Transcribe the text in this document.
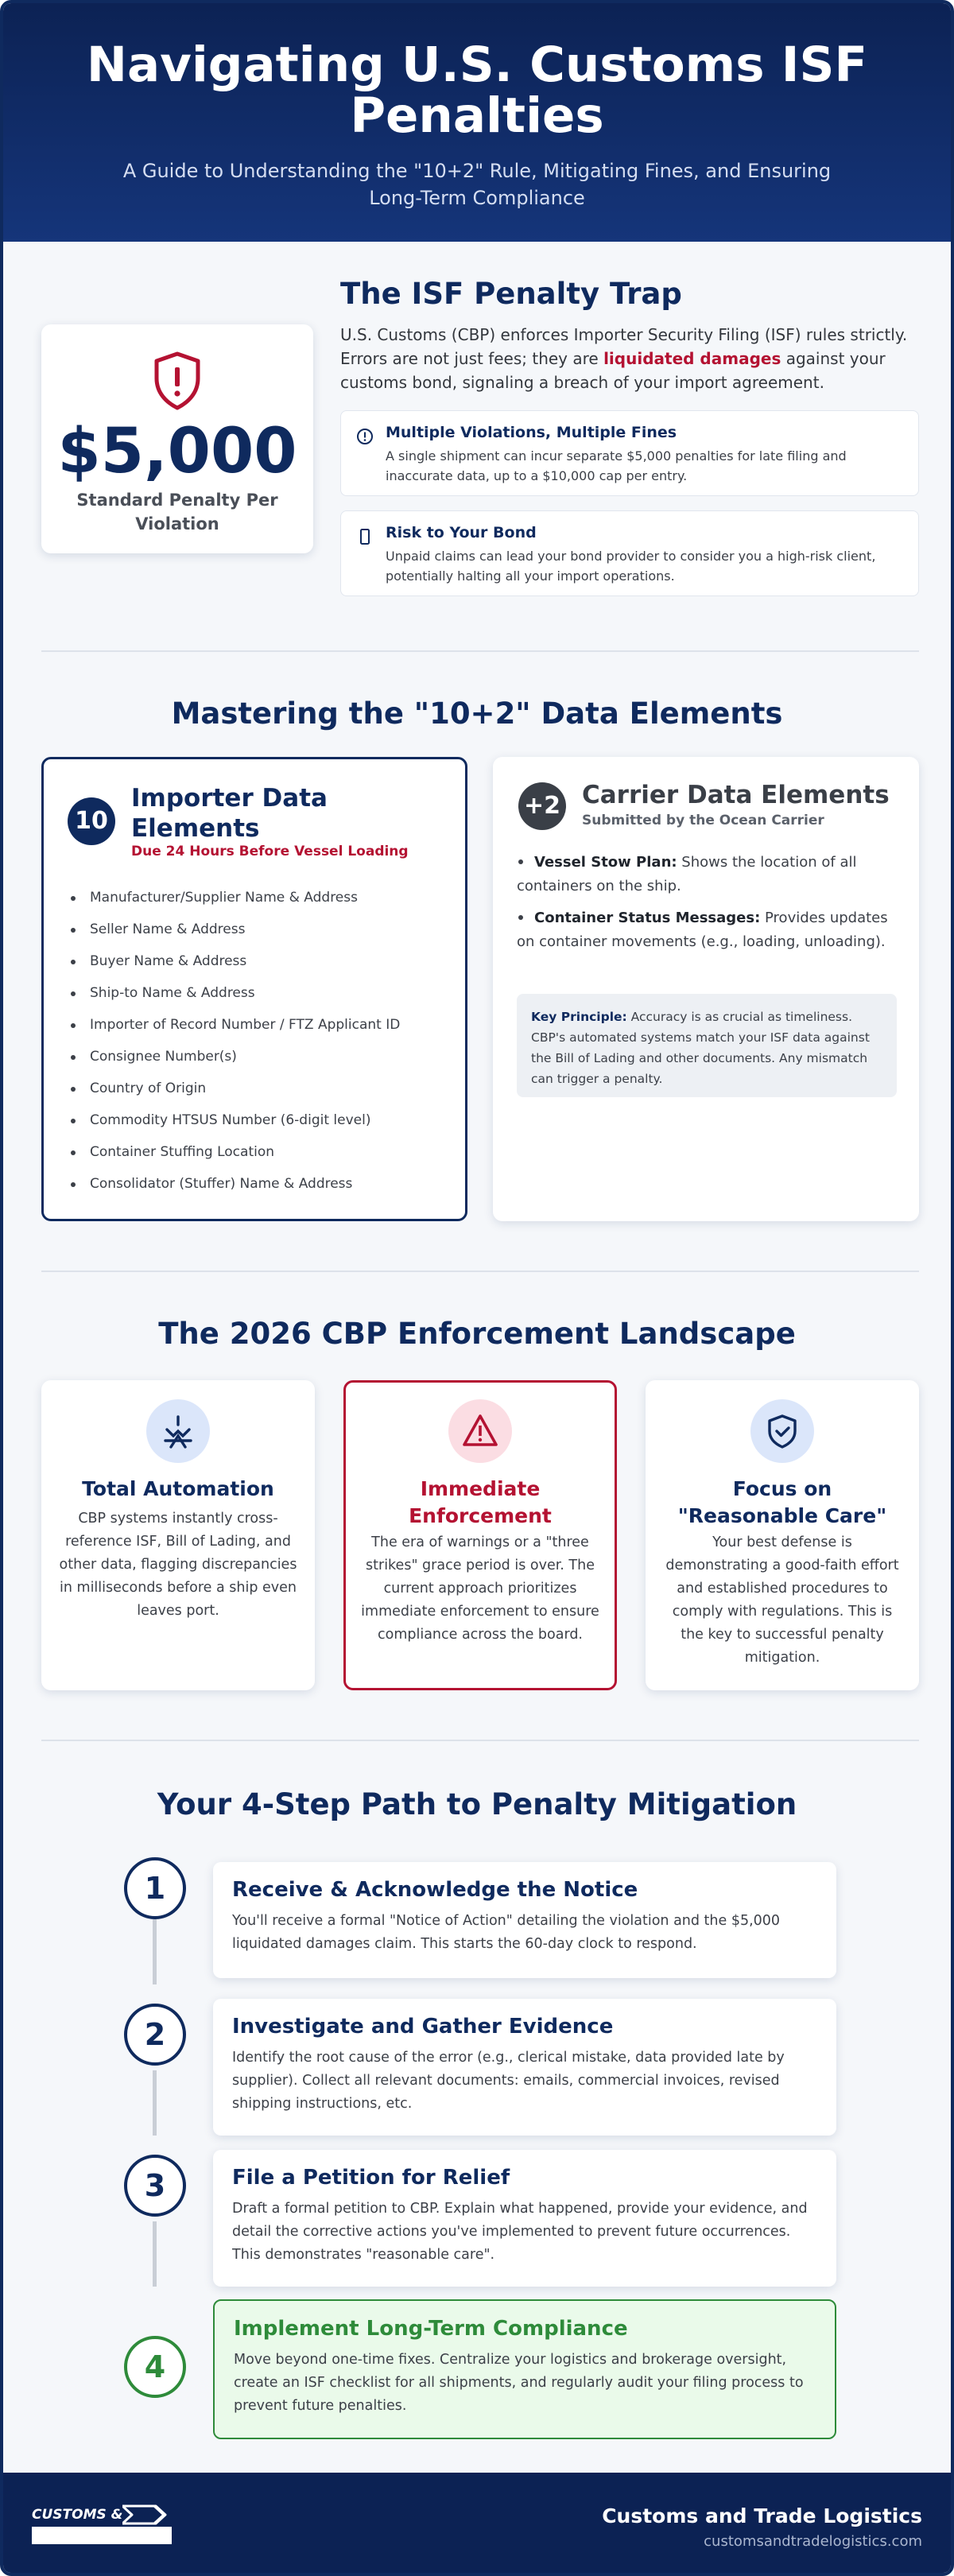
Navigating U.S. Customs ISF Penalties

A Guide to Understanding the "10+2" Rule, Mitigating Fines, and Ensuring Long-Term Compliance

$5,000
Standard Penalty Per Violation
The ISF Penalty Trap
U.S. Customs (CBP) enforces Importer Security Filing (ISF) rules strictly. Errors are not just fees; they are liquidated damages against your customs bond, signaling a breach of your import agreement.
Multiple Violations, Multiple Fines
A single shipment can incur separate $5,000 penalties for late filing and inaccurate data, up to a $10,000 cap per entry.
Risk to Your Bond
Unpaid claims can lead your bond provider to consider you a high-risk client, potentially halting all your import operations.
Mastering the "10+2" Data Elements
10
Importer Data Elements
Due 24 Hours Before Vessel Loading
Manufacturer/Supplier Name & Address
Seller Name & Address
Buyer Name & Address
Ship-to Name & Address
Importer of Record Number / FTZ Applicant ID
Consignee Number(s)
Country of Origin
Commodity HTSUS Number (6-digit level)
Container Stuffing Location
Consolidator (Stuffer) Name & Address
+2 Carrier Data Elements
Submitted by the Ocean Carrier
Vessel Stow Plan: Shows the location of all containers on the ship.
Container Status Messages: Provides updates on container movements (e.g., loading, unloading).
Key Principle: Accuracy is as crucial as timeliness. CBP's automated systems match your ISF data against the Bill of Lading and other documents. Any mismatch can trigger a penalty.
The 2026 CBP Enforcement Landscape
Total Automation
CBP systems instantly cross-reference ISF, Bill of Lading, and other data, flagging discrepancies in milliseconds before a ship even leaves port.
Immediate Enforcement
The era of warnings or a "three strikes" grace period is over. The current approach prioritizes immediate enforcement to ensure compliance across the board.
Focus on "Reasonable Care"
Your best defense is demonstrating a good-faith effort and established procedures to comply with regulations. This is the key to successful penalty mitigation.
Your 4-Step Path to Penalty Mitigation
1	Receive & Acknowledge the Notice
You'll receive a formal "Notice of Action" detailing the violation and the $5,000 liquidated damages claim. This starts the 60-day clock to respond.
2	Investigate and Gather Evidence
Identify the root cause of the error (e.g., clerical mistake, data provided late by supplier). Collect all relevant documents: emails, commercial invoices, revised shipping instructions, etc.
3	File a Petition for Relief
Draft a formal petition to CBP. Explain what happened, provide your evidence, and detail the corrective actions you've implemented to prevent future occurrences. This demonstrates "reasonable care".
4
Implement Long-Term Compliance
Move beyond one-time fixes. Centralize your logistics and brokerage oversight, create an ISF checklist for all shipments, and regularly audit your filing process to prevent future penalties.
CUSTOMS &	Customs and Trade Logistics
customsandtradelogistics.com
